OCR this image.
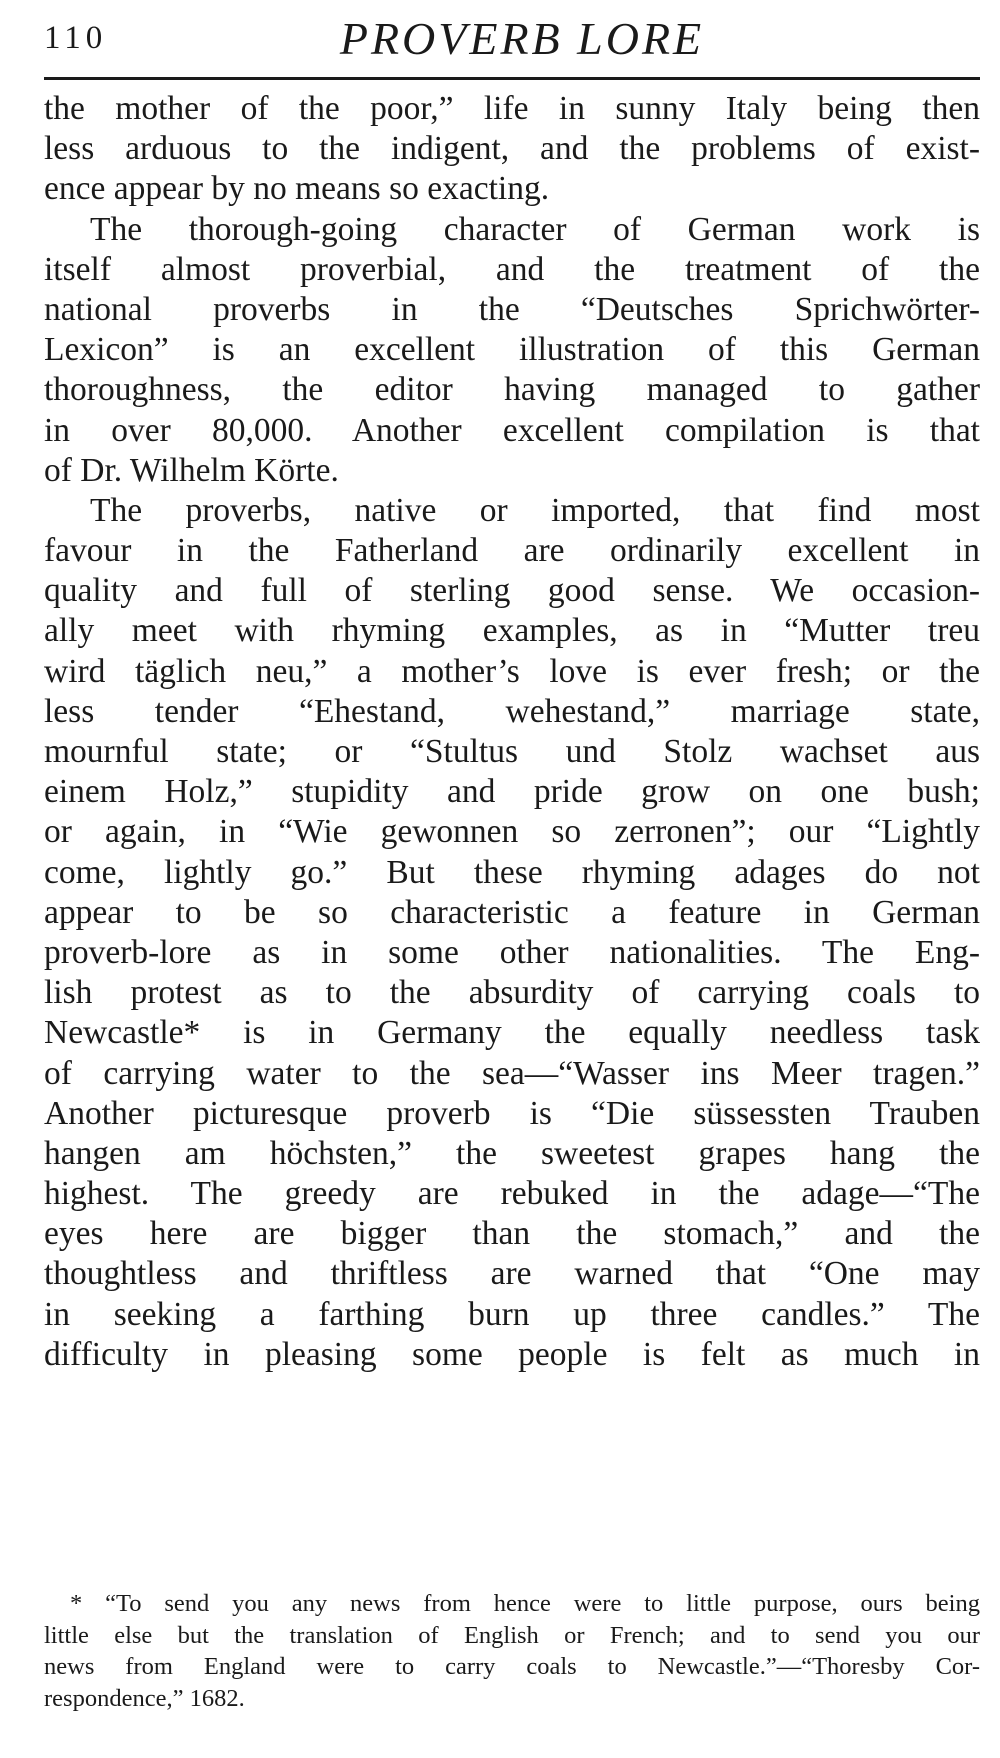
110	PROVERB LORE
the mother of the poor,” life in sunny Italy being then
less arduous to the indigent, and the problems of exist-
ence appear by no means so exacting.
The thorough-going character of German work is
itself almost proverbial, and the treatment of the
national proverbs in the “Deutsches Sprichwörter-
Lexicon” is an excellent illustration of this German
thoroughness, the editor having managed to gather
in over 80,000. Another excellent compilation is that
of Dr. Wilhelm Körte.
The proverbs, native or imported, that find most
favour in the Fatherland are ordinarily excellent in
quality and full of sterling good sense. We occasion-
ally meet with rhyming examples, as in “Mutter treu
wird täglich neu,” a mother’s love is ever fresh; or the
less tender “Ehestand, wehestand,” marriage state,
mournful state; or “Stultus und Stolz wachset aus
einem Holz,” stupidity and pride grow on one bush;
or again, in “Wie gewonnen so zerronen”; our “Lightly
come, lightly go.” But these rhyming adages do not
appear to be so characteristic a feature in German
proverb-lore as in some other nationalities. The Eng-
lish protest as to the absurdity of carrying coals to
Newcastle* is in Germany the equally needless task
of carrying water to the sea—“Wasser ins Meer tragen.”
Another picturesque proverb is “Die süssessten Trauben
hangen am höchsten,” the sweetest grapes hang the
highest. The greedy are rebuked in the adage—“The
eyes here are bigger than the stomach,” and the
thoughtless and thriftless are warned that “One may
in seeking a farthing burn up three candles.” The
difficulty in pleasing some people is felt as much in
* “To send you any news from hence were to little purpose, ours being
little else but the translation of English or French; and to send you our
news from England were to carry coals to Newcastle.”—“Thoresby Cor-
respondence,” 1682.
